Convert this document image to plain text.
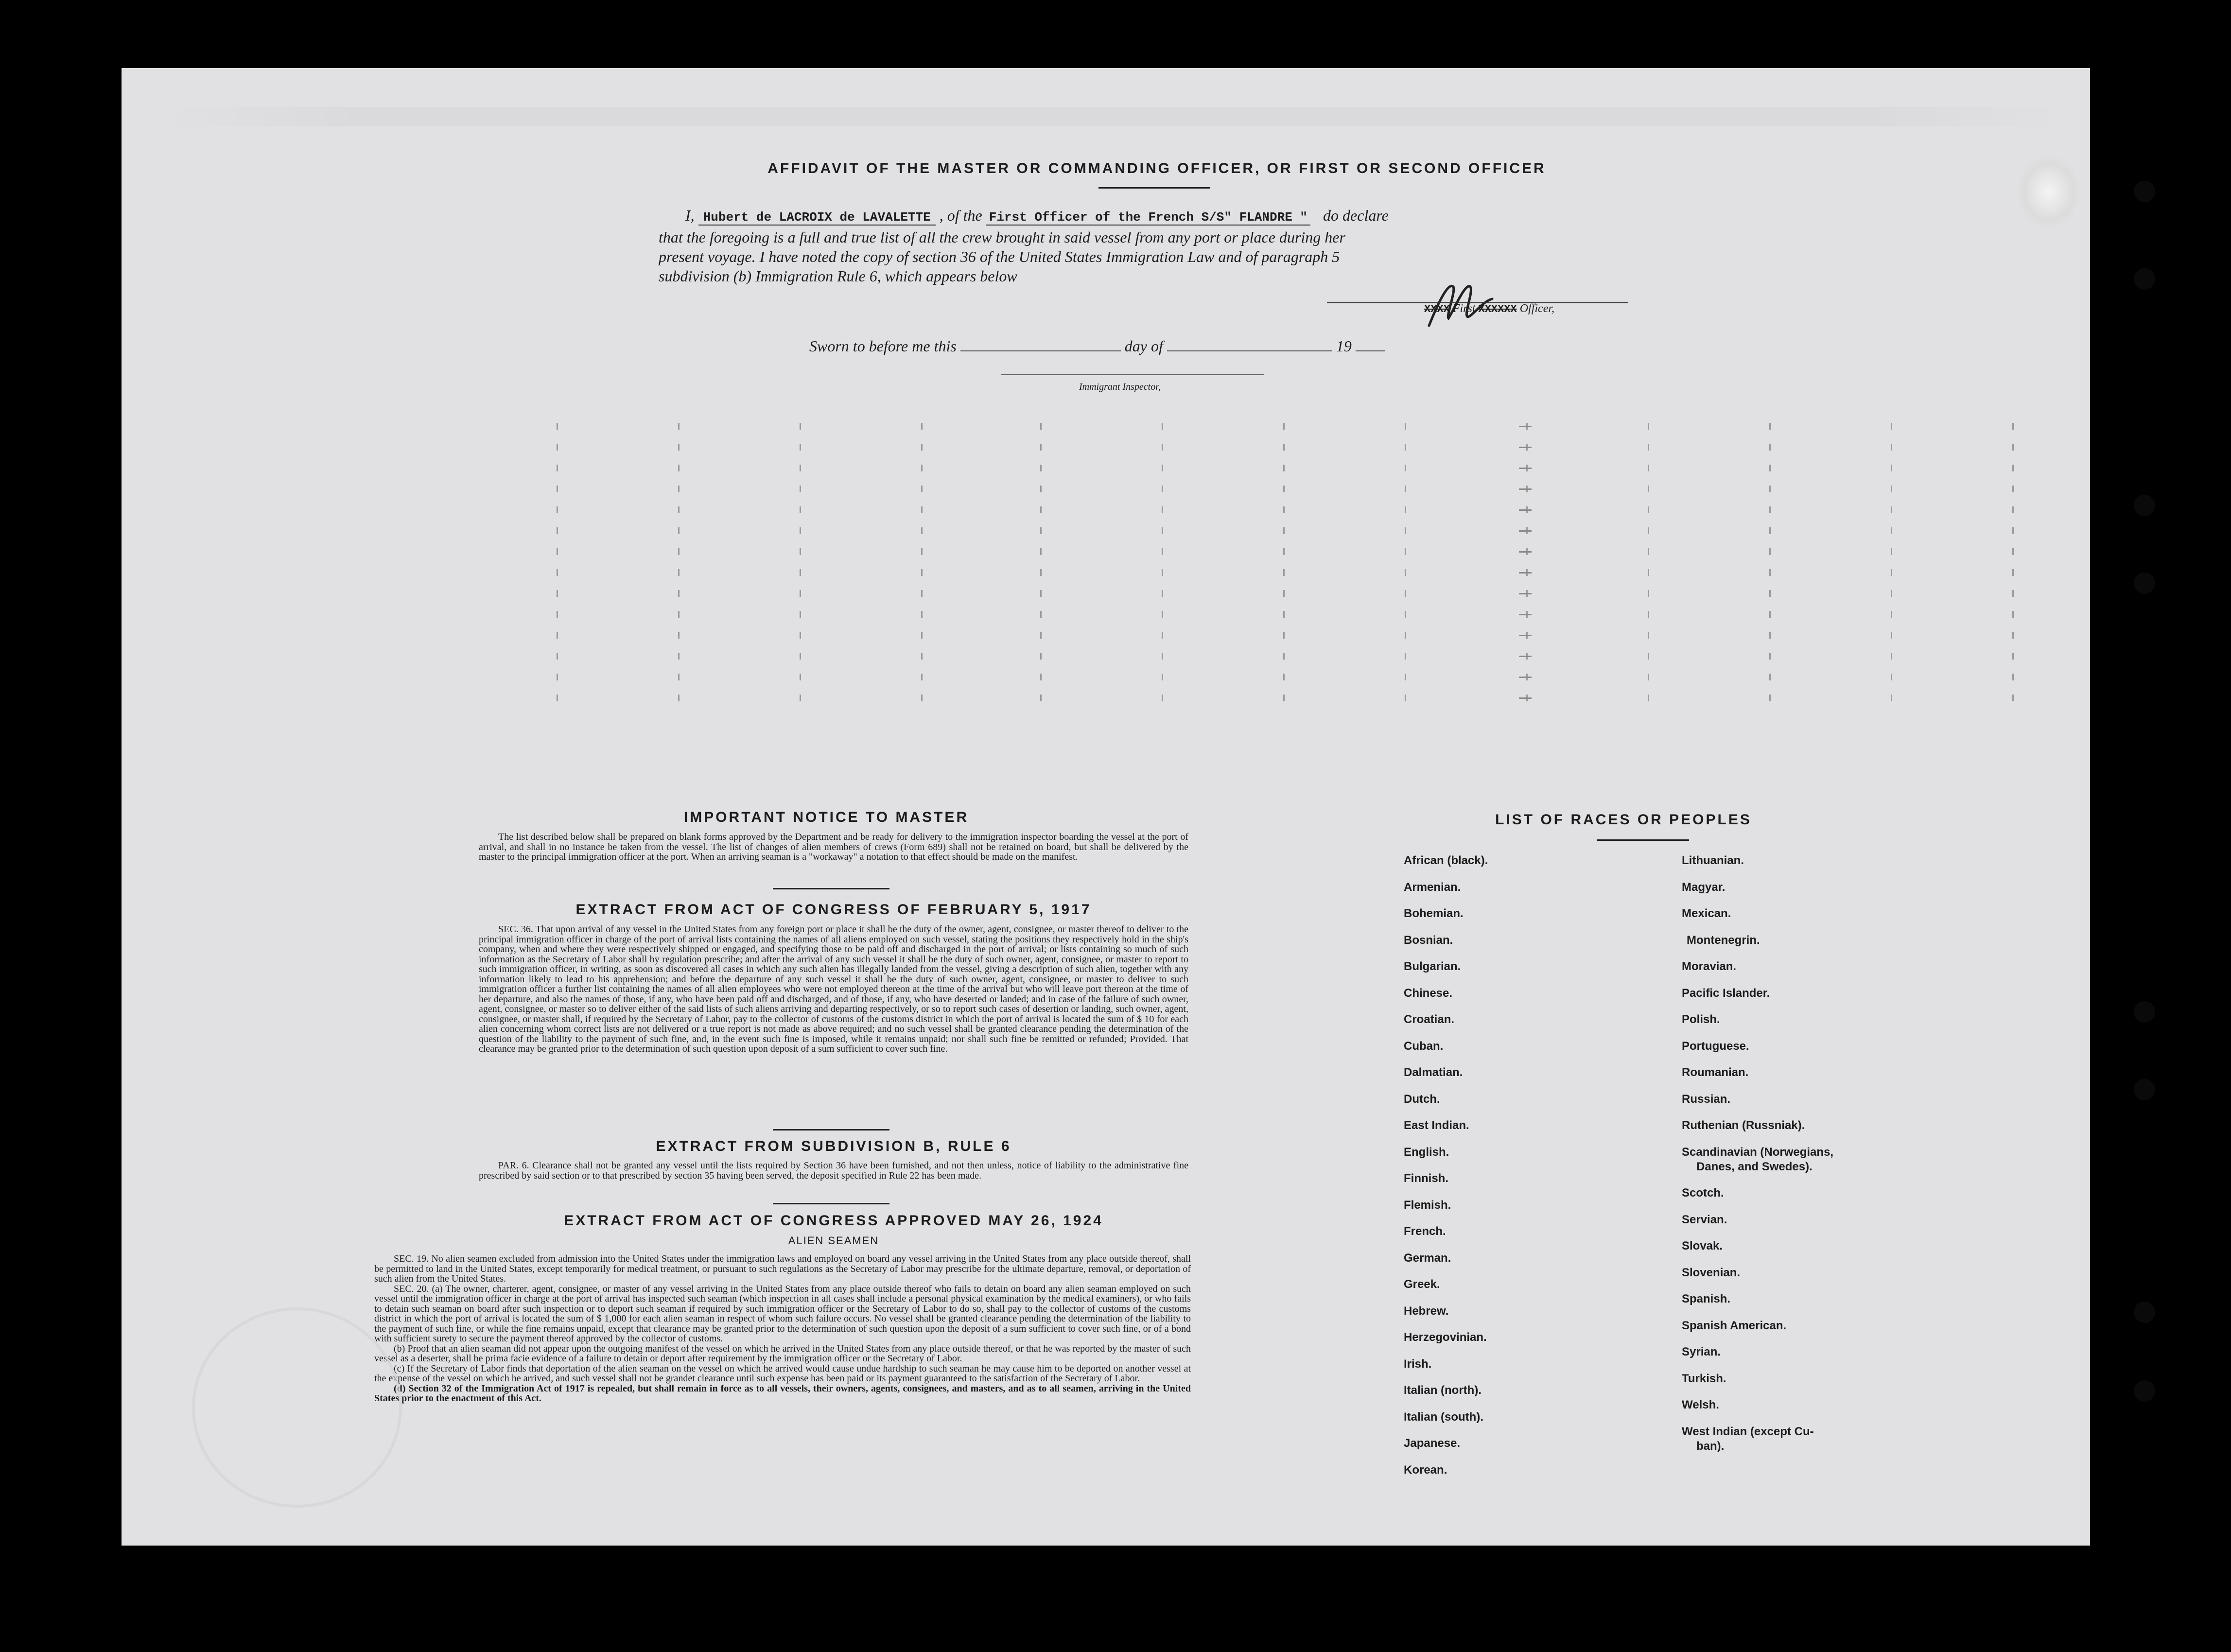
AFFIDAVIT OF THE MASTER OR COMMANDING OFFICER, OR FIRST OR SECOND OFFICER
I, Hubert de LACROIX de LAVALETTE , of the First Officer of the French S/S" FLANDRE " do declare
that the foregoing is a full and true list of all the crew brought in said vessel from any port or place during her
present voyage. I have noted the copy of section 36 of the United States Immigration Law and of paragraph 5
subdivision (b) Immigration Rule 6, which appears below
XXXX First XXXXXX Officer,
Sworn to before me this	day of	19
Immigrant Inspector,
IMPORTANT NOTICE TO MASTER
The list described below shall be prepared on blank forms approved by the Department and be ready for delivery to the immigration inspector boarding the vessel at the port of arrival, and shall in no instance be taken from the vessel. The list of changes of alien members of crews (Form 689) shall not be retained on board, but shall be delivered by the master to the principal immigration officer at the port. When an arriving seaman is a "workaway" a notation to that effect should be made on the manifest.
EXTRACT FROM ACT OF CONGRESS OF FEBRUARY 5, 1917
SEC. 36. That upon arrival of any vessel in the United States from any foreign port or place it shall be the duty of the owner, agent, consignee, or master thereof to deliver to the principal immigration officer in charge of the port of arrival lists containing the names of all aliens employed on such vessel, stating the positions they respectively hold in the ship's company, when and where they were respectively shipped or engaged, and specifying those to be paid off and discharged in the port of arrival; or lists containing so much of such information as the Secretary of Labor shall by regulation prescribe; and after the arrival of any such vessel it shall be the duty of such owner, agent, consignee, or master to report to such immigration officer, in writing, as soon as discovered all cases in which any such alien has illegally landed from the vessel, giving a description of such alien, together with any information likely to lead to his apprehension; and before the departure of any such vessel it shall be the duty of such owner, agent, consignee, or master to deliver to such immigration officer a further list containing the names of all alien employees who were not employed thereon at the time of the arrival but who will leave port thereon at the time of her departure, and also the names of those, if any, who have been paid off and discharged, and of those, if any, who have deserted or landed; and in case of the failure of such owner, agent, consignee, or master so to deliver either of the said lists of such aliens arriving and departing respectively, or so to report such cases of desertion or landing, such owner, agent, consignee, or master shall, if required by the Secretary of Labor, pay to the collector of customs of the customs district in which the port of arrival is located the sum of $ 10 for each alien concerning whom correct lists are not delivered or a true report is not made as above required; and no such vessel shall be granted clearance pending the determination of the question of the liability to the payment of such fine, and, in the event such fine is imposed, while it remains unpaid; nor shall such fine be remitted or refunded; Provided. That clearance may be granted prior to the determination of such question upon deposit of a sum sufficient to cover such fine.
EXTRACT FROM SUBDIVISION B, RULE 6
PAR. 6. Clearance shall not be granted any vessel until the lists required by Section 36 have been furnished, and not then unless, notice of liability to the administrative fine prescribed by said section or to that prescribed by section 35 having been served, the deposit specified in Rule 22 has been made.
EXTRACT FROM ACT OF CONGRESS APPROVED MAY 26, 1924
ALIEN SEAMEN
SEC. 19. No alien seamen excluded from admission into the United States under the immigration laws and employed on board any vessel arriving in the United States from any place outside thereof, shall be permitted to land in the United States, except temporarily for medical treatment, or pursuant to such regulations as the Secretary of Labor may prescribe for the ultimate departure, removal, or deportation of such alien from the United States.
SEC. 20. (a) The owner, charterer, agent, consignee, or master of any vessel arriving in the United States from any place outside thereof who fails to detain on board any alien seaman employed on such vessel until the immigration officer in charge at the port of arrival has inspected such seaman (which inspection in all cases shall include a personal physical examination by the medical examiners), or who fails to detain such seaman on board after such inspection or to deport such seaman if required by such immigration officer or the Secretary of Labor to do so, shall pay to the collector of customs of the customs district in which the port of arrival is located the sum of $ 1,000 for each alien seaman in respect of whom such failure occurs. No vessel shall be granted clearance pending the determination of the liability to the payment of such fine, or while the fine remains unpaid, except that clearance may be granted prior to the determination of such question upon the deposit of a sum sufficient to cover such fine, or of a bond with sufficient surety to secure the payment thereof approved by the collector of customs.
(b) Proof that an alien seaman did not appear upon the outgoing manifest of the vessel on which he arrived in the United States from any place outside thereof, or that he was reported by the master of such vessel as a deserter, shall be prima facie evidence of a failure to detain or deport after requirement by the immigration officer or the Secretary of Labor.
(c) If the Secretary of Labor finds that deportation of the alien seaman on the vessel on which he arrived would cause undue hardship to such seaman he may cause him to be deported on another vessel at the expense of the vessel on which he arrived, and such vessel shall not be grandet clearance until such expense has been paid or its payment guaranteed to the satisfaction of the Secretary of Labor.
(d) Section 32 of the Immigration Act of 1917 is repealed, but shall remain in force as to all vessels, their owners, agents, consignees, and masters, and as to all seamen, arriving in the United States prior to the enactment of this Act.
LIST OF RACES OR PEOPLES
African (black).
Armenian.
Bohemian.
Bosnian.
Bulgarian.
Chinese.
Croatian.
Cuban.
Dalmatian.
Dutch.
East Indian.
English.
Finnish.
Flemish.
French.
German.
Greek.
Hebrew.
Herzegovinian.
Irish.
Italian (north).
Italian (south).
Japanese.
Korean.
Lithuanian.
Magyar.
Mexican.
Montenegrin.
Moravian.
Pacific Islander.
Polish.
Portuguese.
Roumanian.
Russian.
Ruthenian (Russniak).
Scandinavian (Norwegians,
Danes, and Swedes).
Scotch.
Servian.
Slovak.
Slovenian.
Spanish.
Spanish American.
Syrian.
Turkish.
Welsh.
West Indian (except Cu-
ban).
